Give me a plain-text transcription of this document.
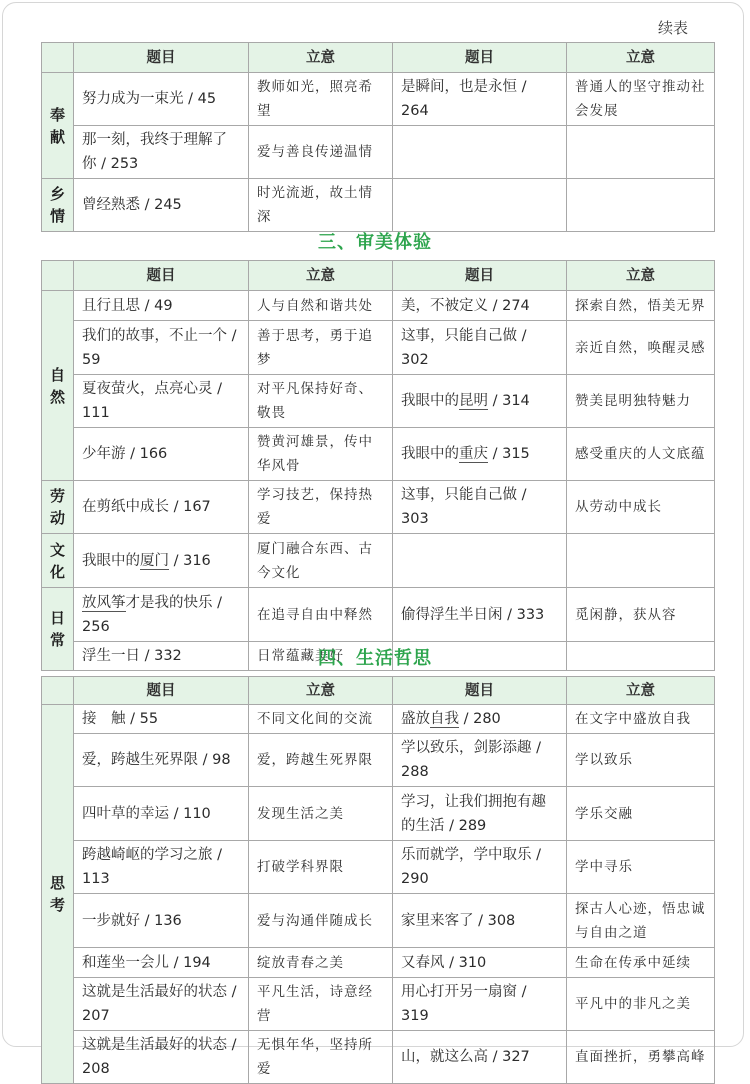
续表
	题目	立意	题目	立意

奉献	努力成为一束光 / 45	教师如光，照亮希望	是瞬间，也是永恒 / 264	普通人的坚守推动社会发展
	那一刻，我终于理解了你 / 253	爱与善良传递温情		

乡情	曾经熟悉 / 245	时光流逝，故土情深		
三、审美体验
	题目	立意	题目	立意

自然	且行且思 / 49	人与自然和谐共处	美，不被定义 / 274	探索自然，悟美无界
	我们的故事，不止一个 / 59	善于思考，勇于追梦	这事，只能自己做 / 302	亲近自然，唤醒灵感
	夏夜萤火，点亮心灵 / 111	对平凡保持好奇、敬畏	我眼中的昆明 / 314	赞美昆明独特魅力
	少年游 / 166	赞黄河雄景，传中华风骨	我眼中的重庆 / 315	感受重庆的人文底蕴

劳动	在剪纸中成长 / 167	学习技艺，保持热爱	这事，只能自己做 / 303	从劳动中成长

文化	我眼中的厦门 / 316	厦门融合东西、古今文化		

日常	放风筝才是我的快乐 / 256	在追寻自由中释然	偷得浮生半日闲 / 333	觅闲静，获从容
	浮生一日 / 332	日常蕴藏美好		
四、生活哲思
	题目	立意	题目	立意

思考	接　触 / 55	不同文化间的交流	盛放自我 / 280	在文字中盛放自我
	爱，跨越生死界限 / 98	爱，跨越生死界限	学以致乐，剑影添趣 / 288	学以致乐
	四叶草的幸运 / 110	发现生活之美	学习，让我们拥抱有趣的生活 / 289	学乐交融
	跨越崎岖的学习之旅 / 113	打破学科界限	乐而就学，学中取乐 / 290	学中寻乐
	一步就好 / 136	爱与沟通伴随成长	家里来客了 / 308	探古人心迹，悟忠诚与自由之道
	和莲坐一会儿 / 194	绽放青春之美	又春风 / 310	生命在传承中延续
	这就是生活最好的状态 / 207	平凡生活，诗意经营	用心打开另一扇窗 / 319	平凡中的非凡之美
	这就是生活最好的状态 / 208	无惧年华，坚持所爱	山，就这么高 / 327	直面挫折，勇攀高峰
